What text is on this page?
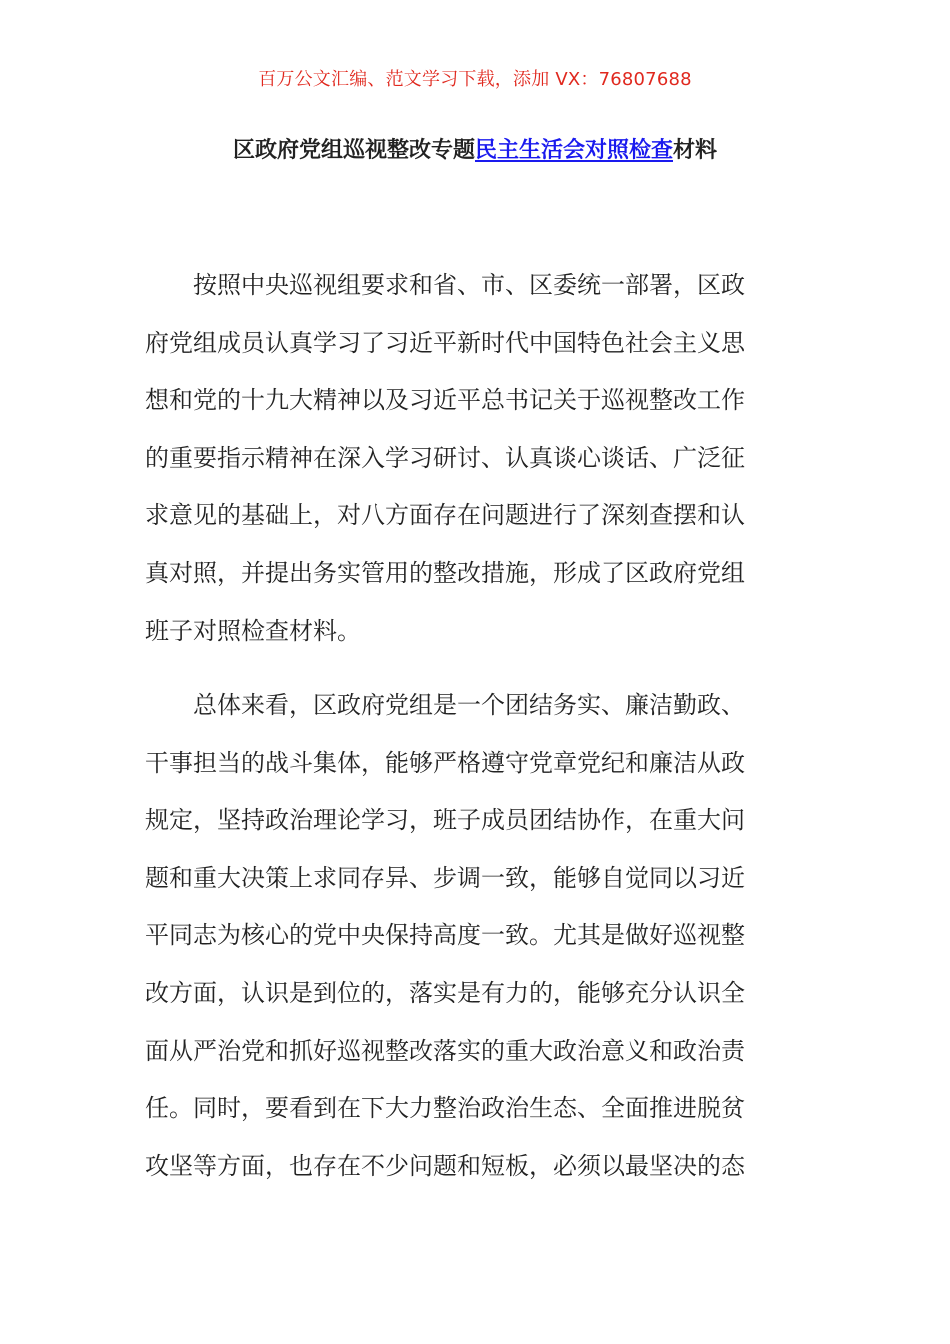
百万公文汇编、范文学习下载，添加 VX：76807688
区政府党组巡视整改专题民主生活会对照检查材料
　　按照中央巡视组要求和省、市、区委统一部署，区政
府党组成员认真学习了习近平新时代中国特色社会主义思
想和党的十九大精神以及习近平总书记关于巡视整改工作
的重要指示精神在深入学习研讨、认真谈心谈话、广泛征
求意见的基础上，对八方面存在问题进行了深刻查摆和认
真对照，并提出务实管用的整改措施，形成了区政府党组
班子对照检查材料。
　　总体来看，区政府党组是一个团结务实、廉洁勤政、
干事担当的战斗集体，能够严格遵守党章党纪和廉洁从政
规定，坚持政治理论学习，班子成员团结协作，在重大问
题和重大决策上求同存异、步调一致，能够自觉同以习近
平同志为核心的党中央保持高度一致。尤其是做好巡视整
改方面，认识是到位的，落实是有力的，能够充分认识全
面从严治党和抓好巡视整改落实的重大政治意义和政治责
任。同时，要看到在下大力整治政治生态、全面推进脱贫
攻坚等方面，也存在不少问题和短板，必须以最坚决的态
